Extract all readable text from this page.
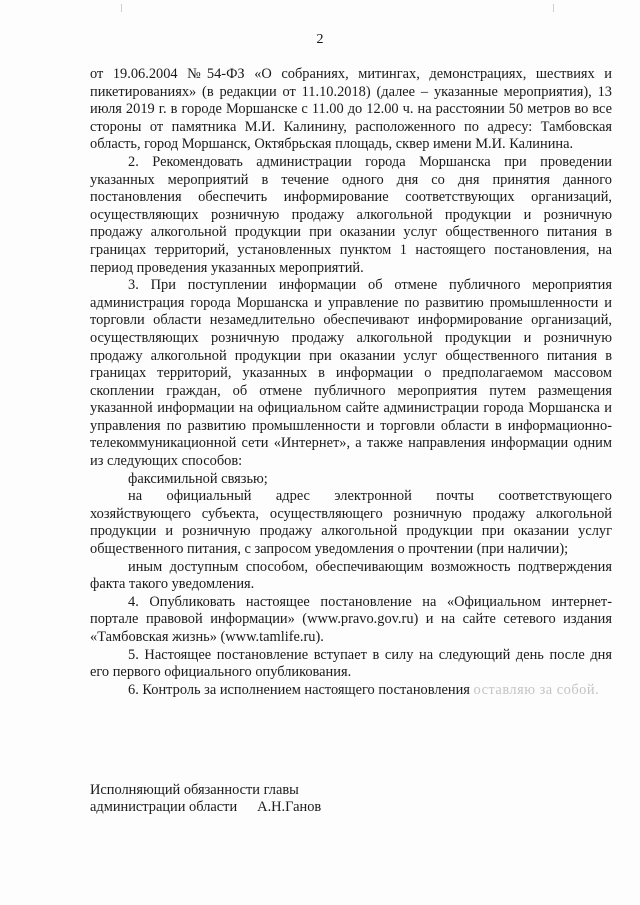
2

от 19.06.2004 №54-ФЗ «О собраниях, митингах, демонстрациях, шествиях и пикетированиях» (в редакции от 11.10.2018) (далее – указанные мероприятия), 13 июля 2019 г. в городе Моршанске с 11.00 до 12.00 ч. на расстоянии 50 метров во все стороны от памятника М.И. Калинину, расположенного по адресу: Тамбовская область, город Моршанск, Октябрьская площадь, сквер имени М.И. Калинина.

2. Рекомендовать администрации города Моршанска при проведении указанных мероприятий в течение одного дня со дня принятия данного постановления обеспечить информирование соответствующих организаций, осуществляющих розничную продажу алкогольной продукции и розничную продажу алкогольной продукции при оказании услуг общественного питания в границах территорий, установленных пунктом 1 настоящего постановления, на период проведения указанных мероприятий.

3. При поступлении информации об отмене публичного мероприятия администрация города Моршанска и управление по развитию промышленности и торговли области незамедлительно обеспечивают информирование организаций, осуществляющих розничную продажу алкогольной продукции и розничную продажу алкогольной продукции при оказании услуг общественного питания в границах территорий, указанных в информации о предполагаемом массовом скоплении граждан, об отмене публичного мероприятия путем размещения указанной информации на официальном сайте администрации города Моршанска и управления по развитию промышленности и торговли области в информационно-телекоммуникационной сети «Интернет», а также направления информации одним из следующих способов:

факсимильной связью;

на официальный адрес электронной почты соответствующего хозяйствующего субъекта, осуществляющего розничную продажу алкогольной продукции и розничную продажу алкогольной продукции при оказании услуг общественного питания, с запросом уведомления о прочтении (при наличии);

иным доступным способом, обеспечивающим возможность подтверждения факта такого уведомления.

4. Опубликовать настоящее постановление на «Официальном интернет-портале правовой информации» (www.pravo.gov.ru) и на сайте сетевого издания «Тамбовская жизнь» (www.tamlife.ru).

5. Настоящее постановление вступает в силу на следующий день после дня его первого официального опубликования.

6. Контроль за исполнением настоящего постановления оставляю за собой.

Исполняющий обязанности главы
администрации области А.Н.Ганов
